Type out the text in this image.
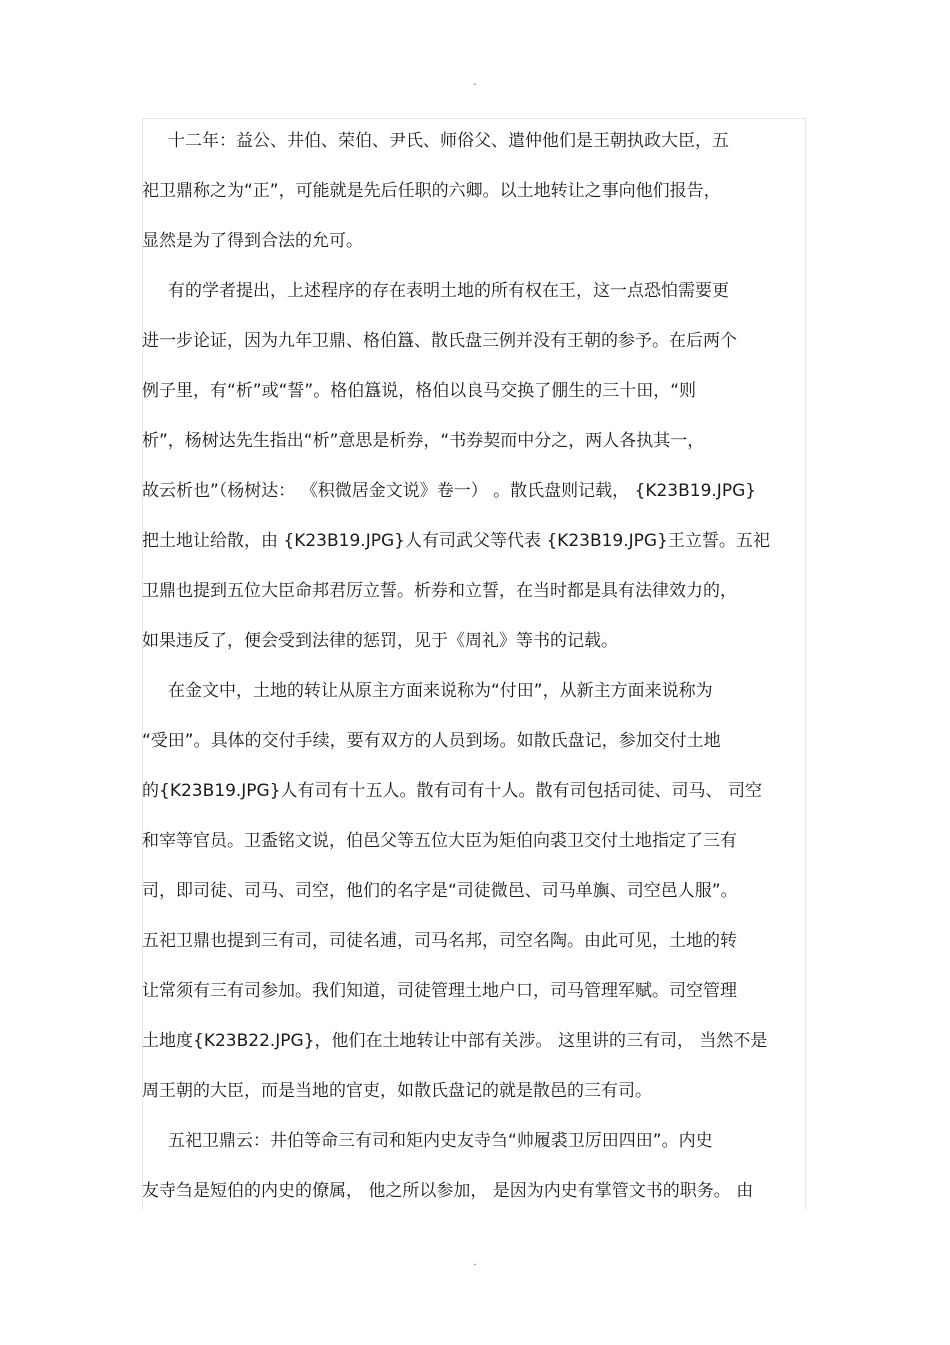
.
十二年：益公、井伯、荣伯、尹氏、师俗父、遣仲他们是王朝执政大臣，五
祀卫鼎称之为“正”，可能就是先后任职的六卿。以土地转让之事向他们报告，
显然是为了得到合法的允可。
有的学者提出，上述程序的存在表明土地的所有权在王，这一点恐怕需要更
进一步论证，因为九年卫鼎、格伯簋、散氏盘三例并没有王朝的参予。在后两个
例子里，有“析”或“誓”。格伯簋说，格伯以良马交换了倗生的三十田，“则
析”，杨树达先生指出“析”意思是析券，“书券契而中分之，两人各执其一，
故云析也”（杨树达： 《积微居金文说》卷一） 。散氏盘则记载， {K23B19.JPG}
把土地让给散，由 {K23B19.JPG}人有司武父等代表 {K23B19.JPG}王立誓。五祀
卫鼎也提到五位大臣命邦君厉立誓。析券和立誓，在当时都是具有法律效力的，
如果违反了，便会受到法律的惩罚，见于《周礼》等书的记载。
在金文中，土地的转让从原主方面来说称为“付田”，从新主方面来说称为
“受田”。具体的交付手续，要有双方的人员到场。如散氏盘记，参加交付土地
的{K23B19.JPG}人有司有十五人。散有司有十人。散有司包括司徒、司马、 司空
和宰等官员。卫盉铭文说，伯邑父等五位大臣为矩伯向裘卫交付土地指定了三有
司，即司徒、司马、司空，他们的名字是“司徒微邑、司马单旟、司空邑人服”。
五祀卫鼎也提到三有司，司徒名逋，司马名邦，司空名陶。由此可见，土地的转
让常须有三有司参加。我们知道，司徒管理土地户口，司马管理军赋。司空管理
土地度{K23B22.JPG}，他们在土地转让中部有关涉。 这里讲的三有司， 当然不是
周王朝的大臣，而是当地的官吏，如散氏盘记的就是散邑的三有司。
五祀卫鼎云：井伯等命三有司和矩内史友寺刍“帅履裘卫厉田四田”。内史
友寺刍是短伯的内史的僚属， 他之所以参加， 是因为内史有掌管文书的职务。 由
.
